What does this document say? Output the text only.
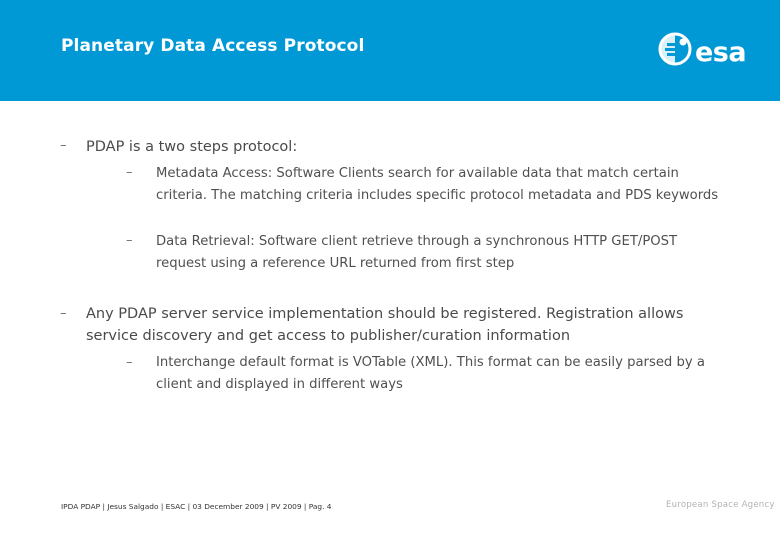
Planetary Data Access Protocol	esa
– PDAP is a two steps protocol:
– Metadata Access: Software Clients search for available data that match certain criteria. The matching criteria includes specific protocol metadata and PDS keywords
– Data Retrieval: Software client retrieve through a synchronous HTTP GET/POST request using a reference URL returned from first step
– Any PDAP server service implementation should be registered. Registration allows service discovery and get access to publisher/curation information
– Interchange default format is VOTable (XML). This format can be easily parsed by a client and displayed in different ways
IPDA PDAP | Jesus Salgado | ESAC | 03 December 2009 | PV 2009 | Pag. 4	European Space Agency
